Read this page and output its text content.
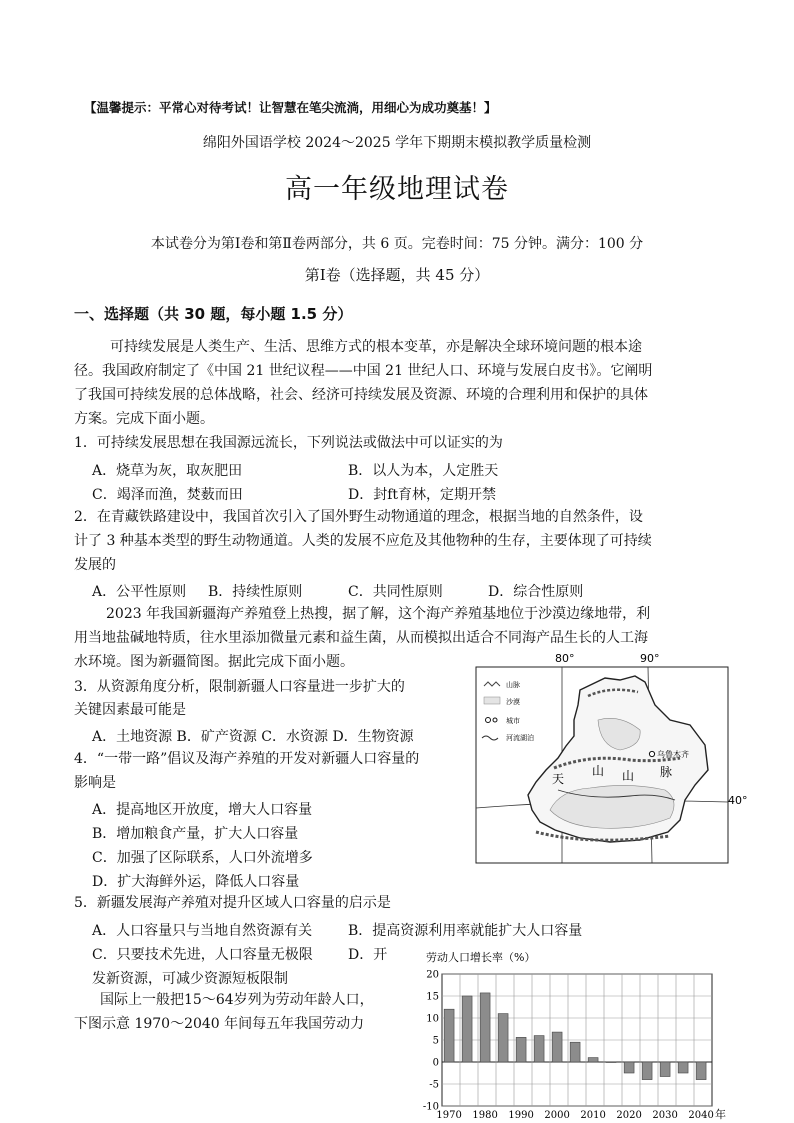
【温馨提示：平常心对待考试！让智慧在笔尖流淌，用细心为成功奠基！】
绵阳外国语学校 2024～2025 学年下期期末模拟教学质量检测
高一年级地理试卷
本试卷分为第Ⅰ卷和第Ⅱ卷两部分，共 6 页。完卷时间：75 分钟。满分：100 分
第Ⅰ卷（选择题，共 45 分）
一、选择题（共 30 题，每小题 1.5 分）
可持续发展是人类生产、生活、思维方式的根本变革，亦是解决全球环境问题的根本途
径。我国政府制定了《中国 21 世纪议程——中国 21 世纪人口、环境与发展白皮书》。它阐明
了我国可持续发展的总体战略，社会、经济可持续发展及资源、环境的合理利用和保护的具体
方案。完成下面小题。
1．可持续发展思想在我国源远流长，下列说法或做法中可以证实的为
A．烧草为灰，取灰肥田	B．以人为本，人定胜天
C．竭泽而渔，焚薮而田	D．封ft育林，定期开禁
2．在青藏铁路建设中，我国首次引入了国外野生动物通道的理念，根据当地的自然条件，设
计了 3 种基本类型的野生动物通道。人类的发展不应危及其他物种的生存，主要体现了可持续
发展的
A．公平性原则 B．持续性原则	C．共同性原则	D．综合性原则
2023 年我国新疆海产养殖登上热搜，据了解，这个海产养殖基地位于沙漠边缘地带，利
用当地盐碱地特质，往水里添加微量元素和益生菌，从而模拟出适合不同海产品生长的人工海
水环境。图为新疆简图。据此完成下面小题。
3．从资源角度分析，限制新疆人口容量进一步扩大的
关键因素最可能是
A．土地资源 B．矿产资源 C．水资源 D．生物资源
4．“一带一路”倡议及海产养殖的开发对新疆人口容量的
影响是
A．提高地区开放度，增大人口容量
B．增加粮食产量，扩大人口容量
C．加强了区际联系，人口外流增多
D．扩大海鲜外运，降低人口容量
5．新疆发展海产养殖对提升区域人口容量的启示是
A．人口容量只与当地自然资源有关	B．提高资源利用率就能扩大人口容量
C．只要技术先进，人口容量无极限	D．开
发新资源，可减少资源短板限制
国际上一般把15～64岁列为劳动年龄人口，
下图示意 1970～2040 年间每五年我国劳动力
80°	90°
40°
乌鲁木齐
天
山 山 脉
山脉
沙漠
城市
河流湖泊
劳动人口增长率（%）
20
15
10
5
0
-5
-10
1970 1980 1990 2000 2010 2020 2030 2040 年
